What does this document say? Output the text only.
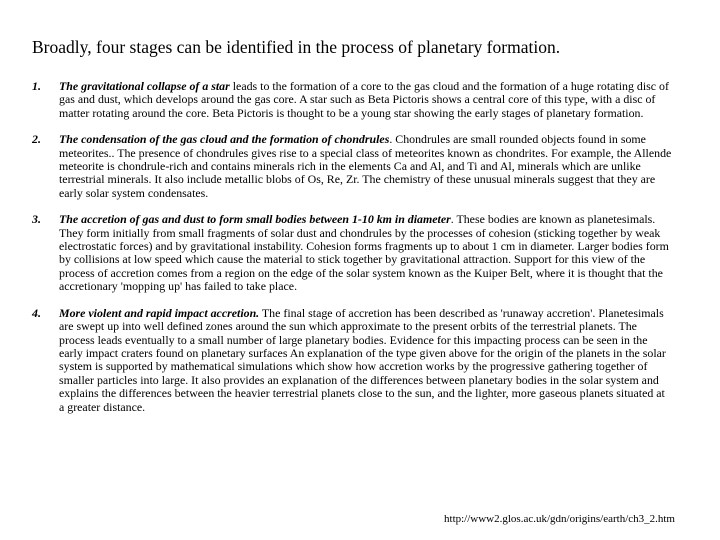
Broadly, four stages can be identified in the process of planetary formation.
1. The gravitational collapse of a star leads to the formation of a core to the gas cloud and the formation of a huge rotating disc of gas and dust, which develops around the gas core. A star such as Beta Pictoris shows a central core of this type, with a disc of matter rotating around the core. Beta Pictoris is thought to be a young star showing the early stages of planetary formation.
2. The condensation of the gas cloud and the formation of chondrules. Chondrules are small rounded objects found in some meteorites.. The presence of chondrules gives rise to a special class of meteorites known as chondrites. For example, the Allende meteorite is chondrule-rich and contains minerals rich in the elements Ca and Al, and Ti and Al, minerals which are unlike terrestrial minerals. It also include metallic blobs of Os, Re, Zr. The chemistry of these unusual minerals suggest that they are early solar system condensates.
3. The accretion of gas and dust to form small bodies between 1-10 km in diameter. These bodies are known as planetesimals. They form initially from small fragments of solar dust and chondrules by the processes of cohesion (sticking together by weak electrostatic forces) and by gravitational instability. Cohesion forms fragments up to about 1 cm in diameter. Larger bodies form by collisions at low speed which cause the material to stick together by gravitational attraction. Support for this view of the process of accretion comes from a region on the edge of the solar system known as the Kuiper Belt, where it is thought that the accretionary 'mopping up' has failed to take place.
4. More violent and rapid impact accretion. The final stage of accretion has been described as 'runaway accretion'. Planetesimals are swept up into well defined zones around the sun which approximate to the present orbits of the terrestrial planets. The process leads eventually to a small number of large planetary bodies. Evidence for this impacting process can be seen in the early impact craters found on planetary surfaces An explanation of the type given above for the origin of the planets in the solar system is supported by mathematical simulations which show how accretion works by the progressive gathering together of smaller particles into large. It also provides an explanation of the differences between planetary bodies in the solar system and explains the differences between the heavier terrestrial planets close to the sun, and the lighter, more gaseous planets situated at a greater distance.
http://www2.glos.ac.uk/gdn/origins/earth/ch3_2.htm
